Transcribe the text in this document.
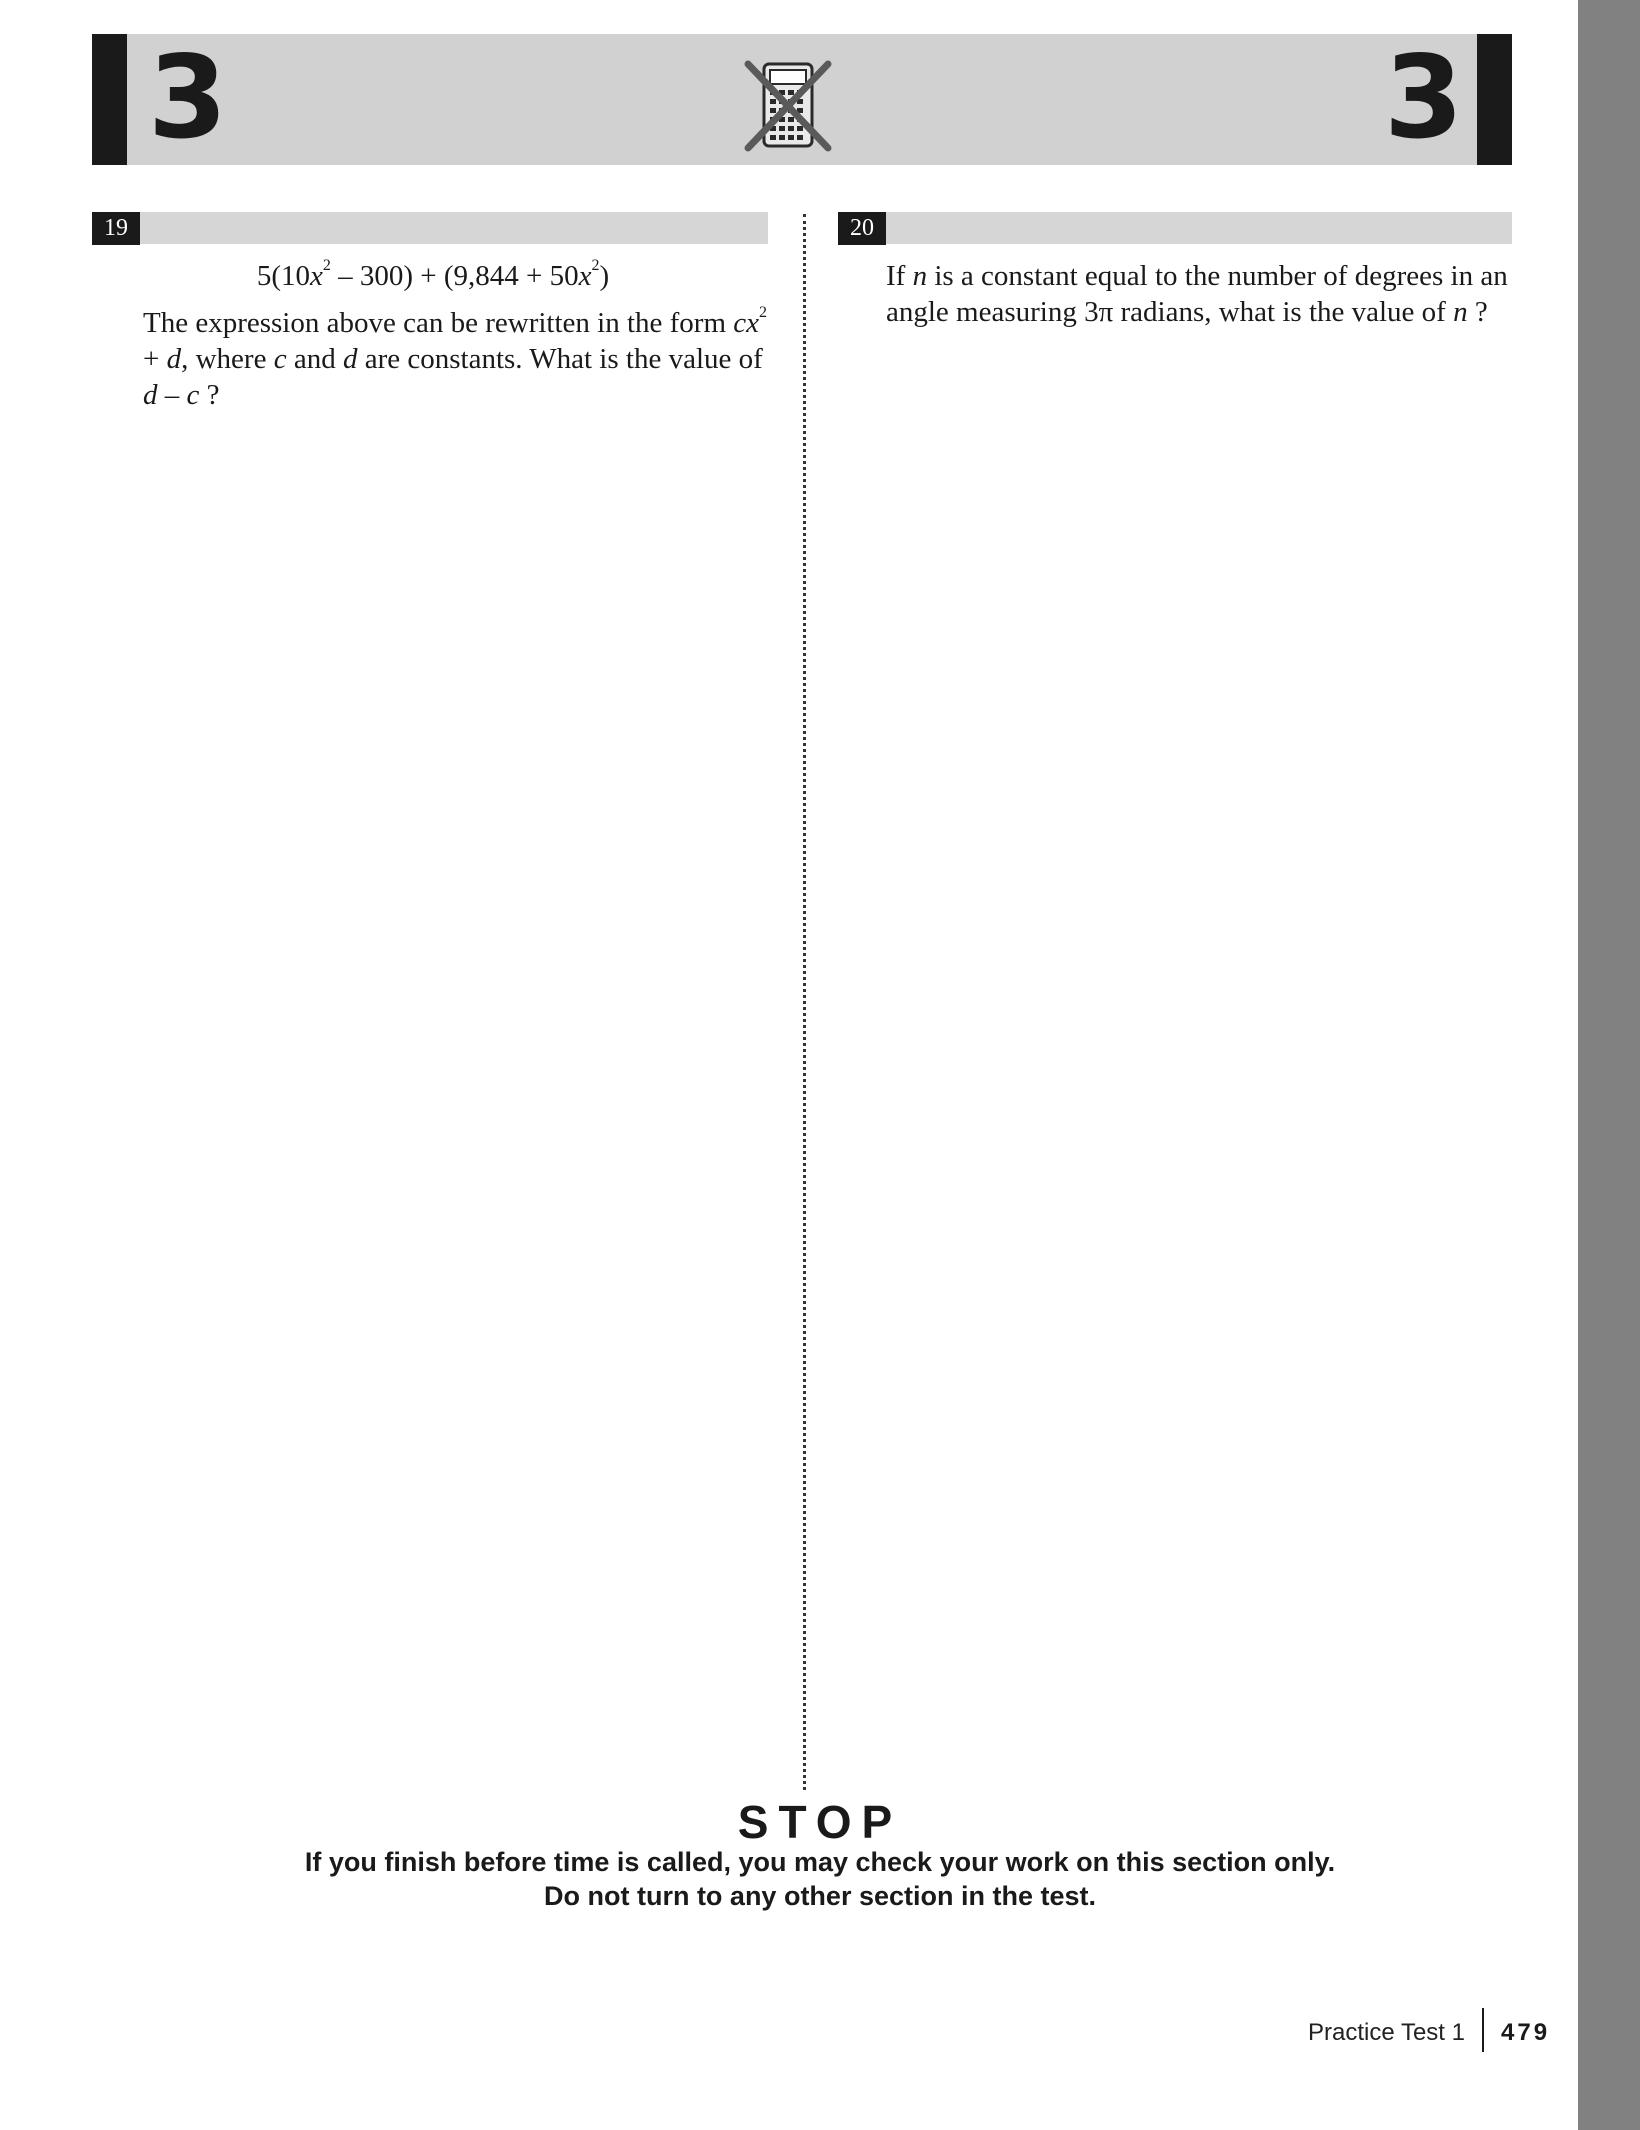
3	3
19
$5(10x^2 - 300) + (9,844 + 50x^2)$
The expression above can be rewritten in the form $cx^2 + d$, where c and d are constants. What is the value of d – c ?
20
If n is a constant equal to the number of degrees in an angle measuring 3π radians, what is the value of n ?
STOP
If you finish before time is called, you may check your work on this section only.
Do not turn to any other section in the test.
Practice Test 1 479
